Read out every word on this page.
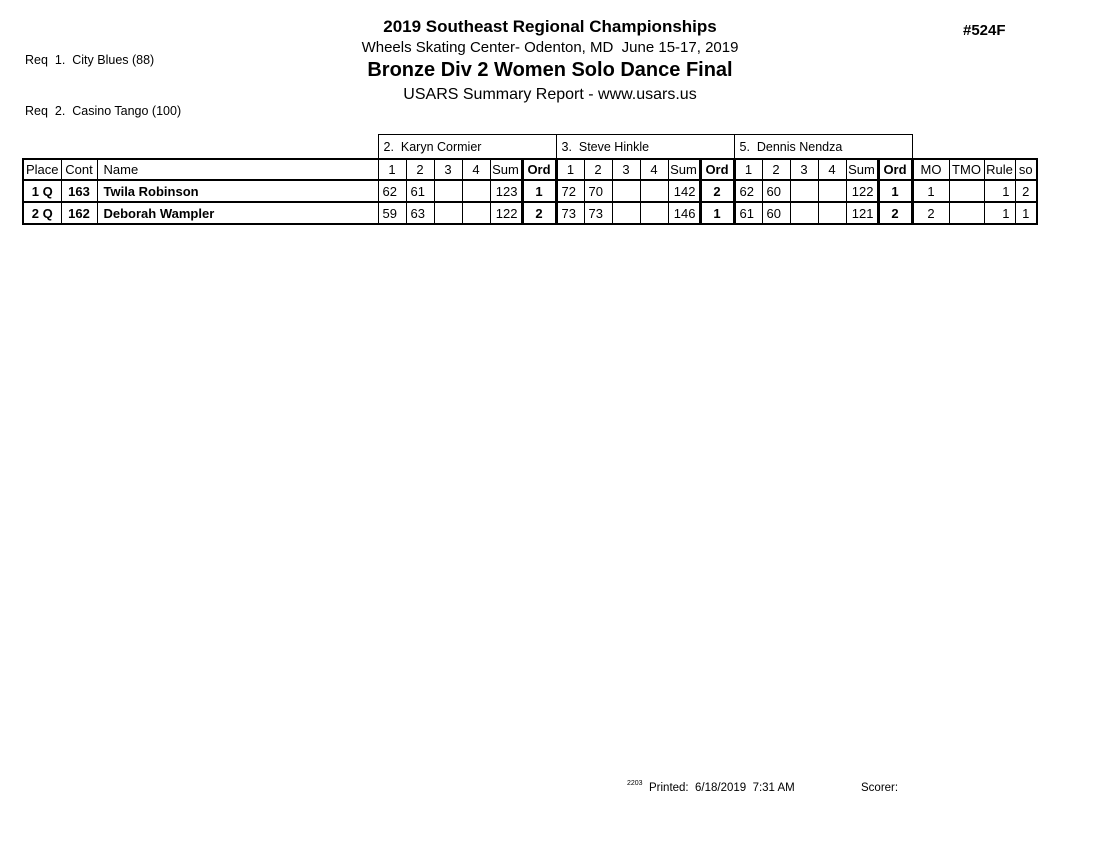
Req  1.  City Blues (88)

Req  2.  Casino Tango (100)

2019 Southeast Regional Championships
Wheels Skating Center- Odenton, MD  June 15-17, 2019
Bronze Div 2 Women Solo Dance Final
USARS Summary Report - www.usars.us
#524F
			2.  Karyn Cormier						3.  Steve Hinkle						5.  Dennis Nendza									
Place	Cont	Name	1	2	3	4	Sum	Ord	1	2	3	4	Sum	Ord	1	2	3	4	Sum	Ord	MO	TMO	Rule	so
1 Q	163	Twila Robinson	62	61			123	1	72	70			142	2	62	60			122	1	1		1	2
2 Q	162	Deborah Wampler	59	63			122	2	73	73			146	1	61	60			121	2	2		1	1
2203 Printed:  6/18/2019  7:31 AM	Scorer:
